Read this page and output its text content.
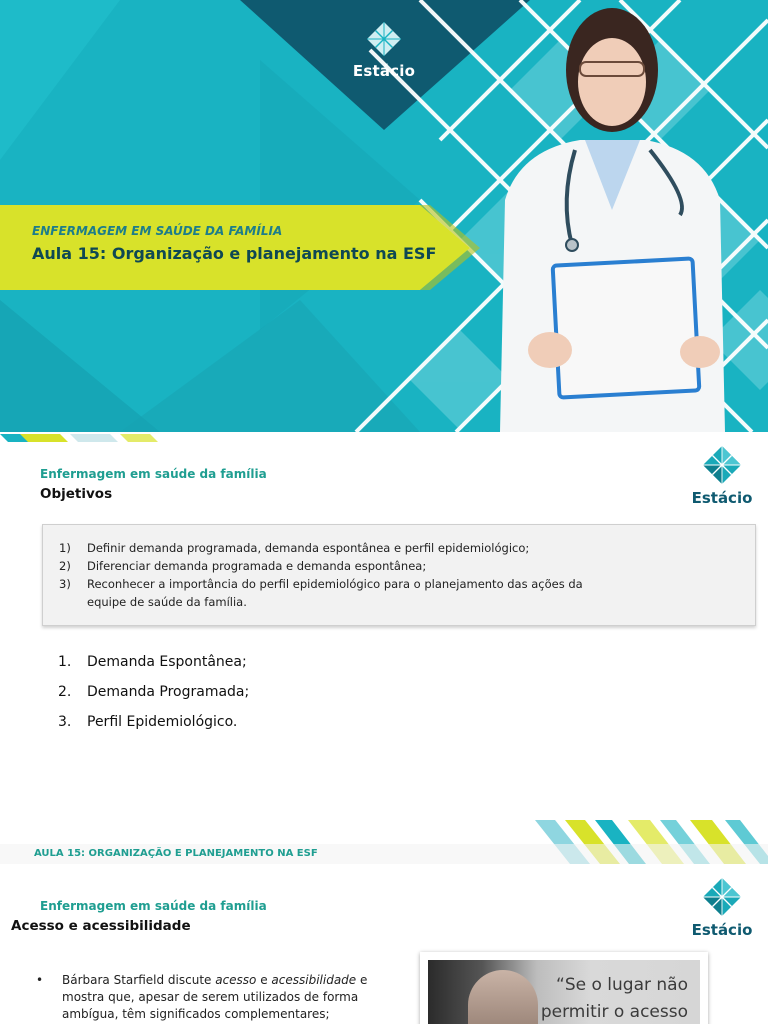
Estácio
ENFERMAGEM EM SAÚDE DA FAMÍLIA
Aula 15: Organização e planejamento na ESF
Enfermagem em saúde da família
Objetivos	Estácio
1)	Definir demanda programada, demanda espontânea e perfil epidemiológico;
2)	Diferenciar demanda programada e demanda espontânea;
3)	Reconhecer a importância do perfil epidemiológico para o planejamento das ações da equipe de saúde da família.
1.	Demanda Espontânea;
2.	Demanda Programada;
3.	Perfil Epidemiológico.
AULA 15: ORGANIZAÇÃO E PLANEJAMENTO NA ESF
Enfermagem em saúde da família
Acesso e acessibilidade	Estácio
•	Bárbara Starfield discute acesso e acessibilidade e mostra que, apesar de serem utilizados de forma ambígua, têm significados complementares;
“Se o lugar não
permitir o acesso
